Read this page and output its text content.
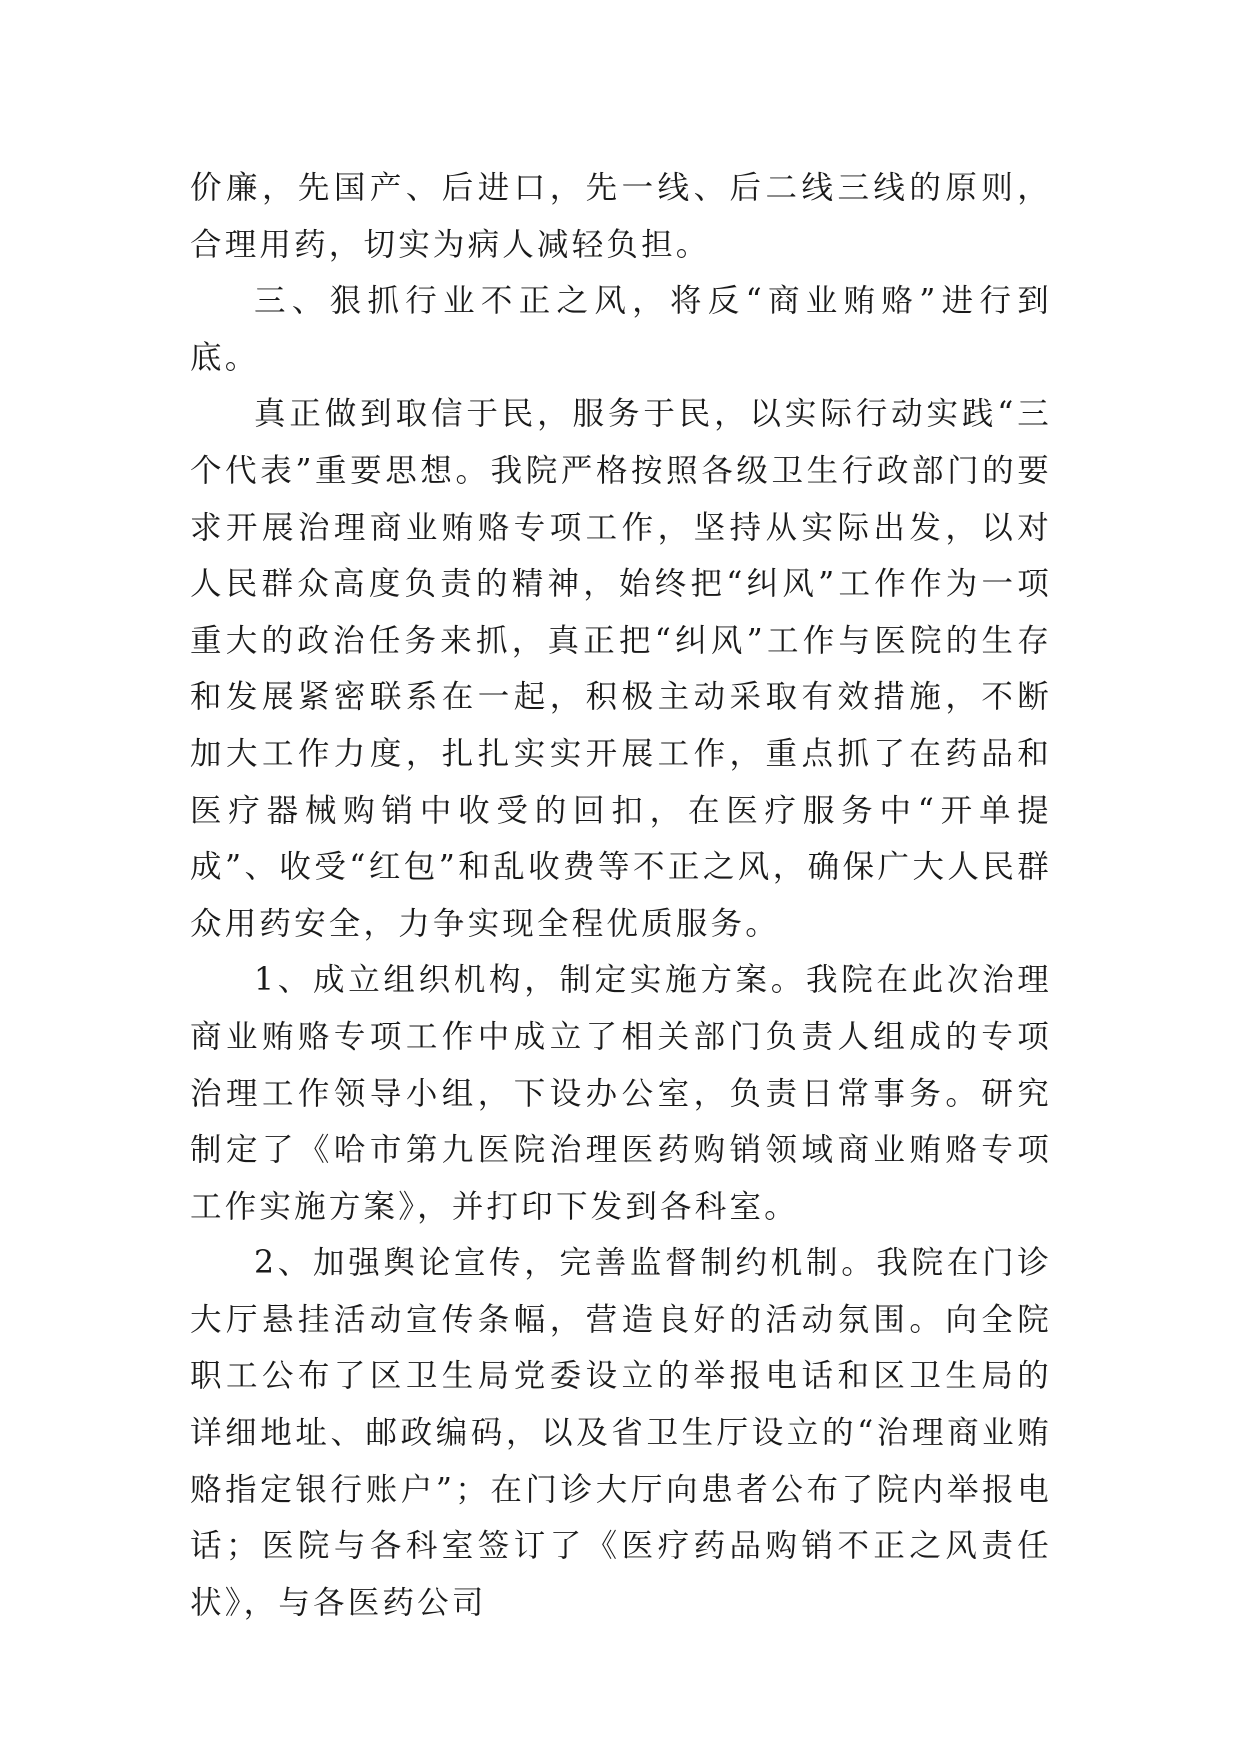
价廉，先国产、后进口，先一线、后二线三线的原则，合理用药，切实为病人减轻负担。

三、狠抓行业不正之风，将反“商业贿赂”进行到底。

真正做到取信于民，服务于民，以实际行动实践“三个代表”重要思想。我院严格按照各级卫生行政部门的要求开展治理商业贿赂专项工作，坚持从实际出发，以对人民群众高度负责的精神，始终把“纠风”工作作为一项重大的政治任务来抓，真正把“纠风”工作与医院的生存和发展紧密联系在一起，积极主动采取有效措施，不断加大工作力度，扎扎实实开展工作，重点抓了在药品和医疗器械购销中收受的回扣，在医疗服务中“开单提成”、收受“红包”和乱收费等不正之风，确保广大人民群众用药安全，力争实现全程优质服务。

1、成立组织机构，制定实施方案。我院在此次治理商业贿赂专项工作中成立了相关部门负责人组成的专项治理工作领导小组，下设办公室，负责日常事务。研究制定了《哈市第九医院治理医药购销领域商业贿赂专项工作实施方案》，并打印下发到各科室。

2、加强舆论宣传，完善监督制约机制。我院在门诊大厅悬挂活动宣传条幅，营造良好的活动氛围。向全院职工公布了区卫生局党委设立的举报电话和区卫生局的详细地址、邮政编码，以及省卫生厅设立的“治理商业贿赂指定银行账户”；在门诊大厅向患者公布了院内举报电话；医院与各科室签订了《医疗药品购销不正之风责任状》，与各医药公司
